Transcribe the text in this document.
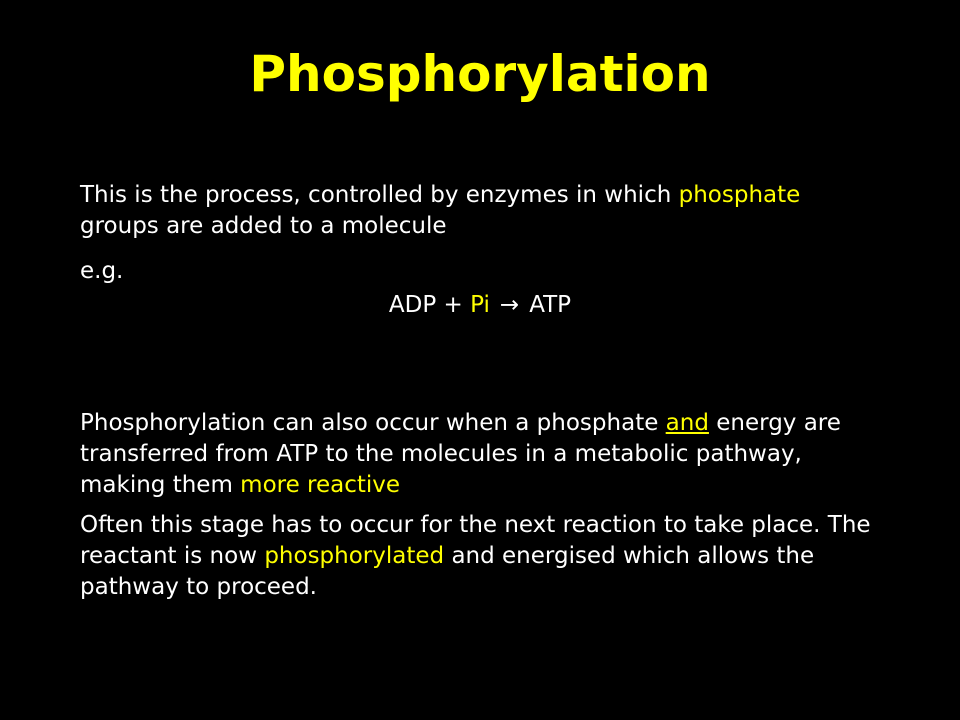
Phosphorylation
This is the process, controlled by enzymes in which phosphate groups are added to a molecule
e.g.
ADP + Pi → ATP
Phosphorylation can also occur when a phosphate and energy are transferred from ATP to the molecules in a metabolic pathway, making them more reactive
Often this stage has to occur for the next reaction to take place. The reactant is now phosphorylated and energised which allows the pathway to proceed.
